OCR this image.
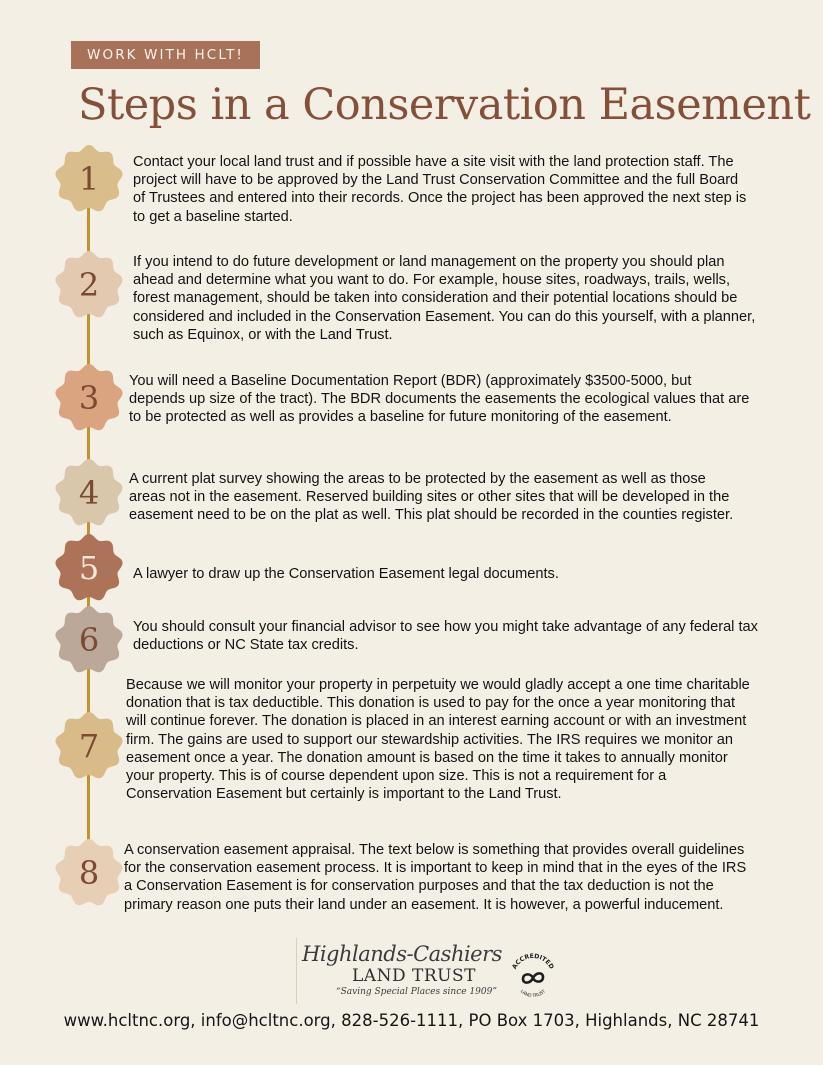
WORK WITH HCLT!
Steps in a Conservation Easement
1	Contact your local land trust and if possible have a site visit with the land protection staff. The project will have to be approved by the Land Trust Conservation Committee and the full Board of Trustees and entered into their records. Once the project has been approved the next step is to get a baseline started.

2

If you intend to do future development or land management on the property you should plan ahead and determine what you want to do. For example, house sites, roadways, trails, wells, forest management, should be taken into consideration and their potential locations should be considered and included in the Conservation Easement. You can do this yourself, with a planner, such as Equinox, or with the Land Trust.

3	You will need a Baseline Documentation Report (BDR) (approximately $3500-5000, but depends up size of the tract). The BDR documents the easements the ecological values that are to be protected as well as provides a baseline for future monitoring of the easement.

4	A current plat survey showing the areas to be protected by the easement as well as those areas not in the easement. Reserved building sites or other sites that will be developed in the easement need to be on the plat as well. This plat should be recorded in the counties register.

5	A lawyer to draw up the Conservation Easement legal documents.

6	You should consult your financial advisor to see how you might take advantage of any federal tax deductions or NC State tax credits.

7

Because we will monitor your property in perpetuity we would gladly accept a one time charitable donation that is tax deductible. This donation is used to pay for the once a year monitoring that will continue forever. The donation is placed in an interest earning account or with an investment firm. The gains are used to support our stewardship activities. The IRS requires we monitor an easement once a year. The donation amount is based on the time it takes to annually monitor your property. This is of course dependent upon size. This is not a requirement for a Conservation Easement but certainly is important to the Land Trust.

8

A conservation easement appraisal. The text below is something that provides overall guidelines for the conservation easement process. It is important to keep in mind that in the eyes of the IRS a Conservation Easement is for conservation purposes and that the tax deduction is not the primary reason one puts their land under an easement. It is however, a powerful inducement.

Highlands-Cashiers
LAND TRUST
“Saving Special Places since 1909”
ACCREDITED
LAND TRUST
www.hcltnc.org, info@hcltnc.org, 828-526-1111, PO Box 1703, Highlands, NC 28741
